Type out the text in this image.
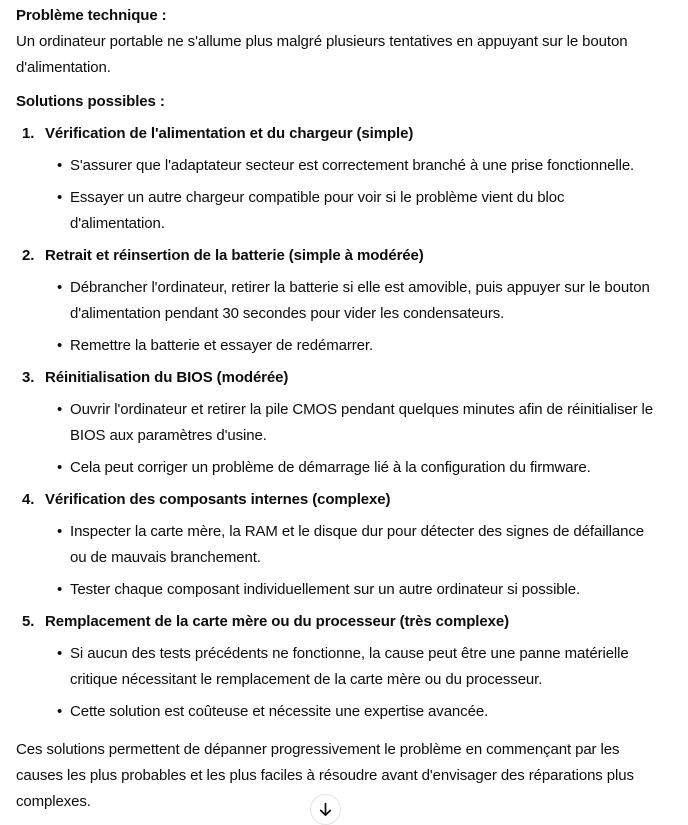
Problème technique :

Un ordinateur portable ne s'allume plus malgré plusieurs tentatives en appuyant sur le bouton d'alimentation.

Solutions possibles :

1. Vérification de l'alimentation et du chargeur (simple)
• S'assurer que l'adaptateur secteur est correctement branché à une prise fonctionnelle.
• Essayer un autre chargeur compatible pour voir si le problème vient du bloc d'alimentation.
2. Retrait et réinsertion de la batterie (simple à modérée)
• Débrancher l'ordinateur, retirer la batterie si elle est amovible, puis appuyer sur le bouton d'alimentation pendant 30 secondes pour vider les condensateurs.
• Remettre la batterie et essayer de redémarrer.
3. Réinitialisation du BIOS (modérée)
• Ouvrir l'ordinateur et retirer la pile CMOS pendant quelques minutes afin de réinitialiser le BIOS aux paramètres d'usine.
• Cela peut corriger un problème de démarrage lié à la configuration du firmware.
4. Vérification des composants internes (complexe)
• Inspecter la carte mère, la RAM et le disque dur pour détecter des signes de défaillance ou de mauvais branchement.
• Tester chaque composant individuellement sur un autre ordinateur si possible.
5. Remplacement de la carte mère ou du processeur (très complexe)
• Si aucun des tests précédents ne fonctionne, la cause peut être une panne matérielle critique nécessitant le remplacement de la carte mère ou du processeur.
• Cette solution est coûteuse et nécessite une expertise avancée.

Ces solutions permettent de dépanner progressivement le problème en commençant par les causes les plus probables et les plus faciles à résoudre avant d'envisager des réparations plus complexes.
